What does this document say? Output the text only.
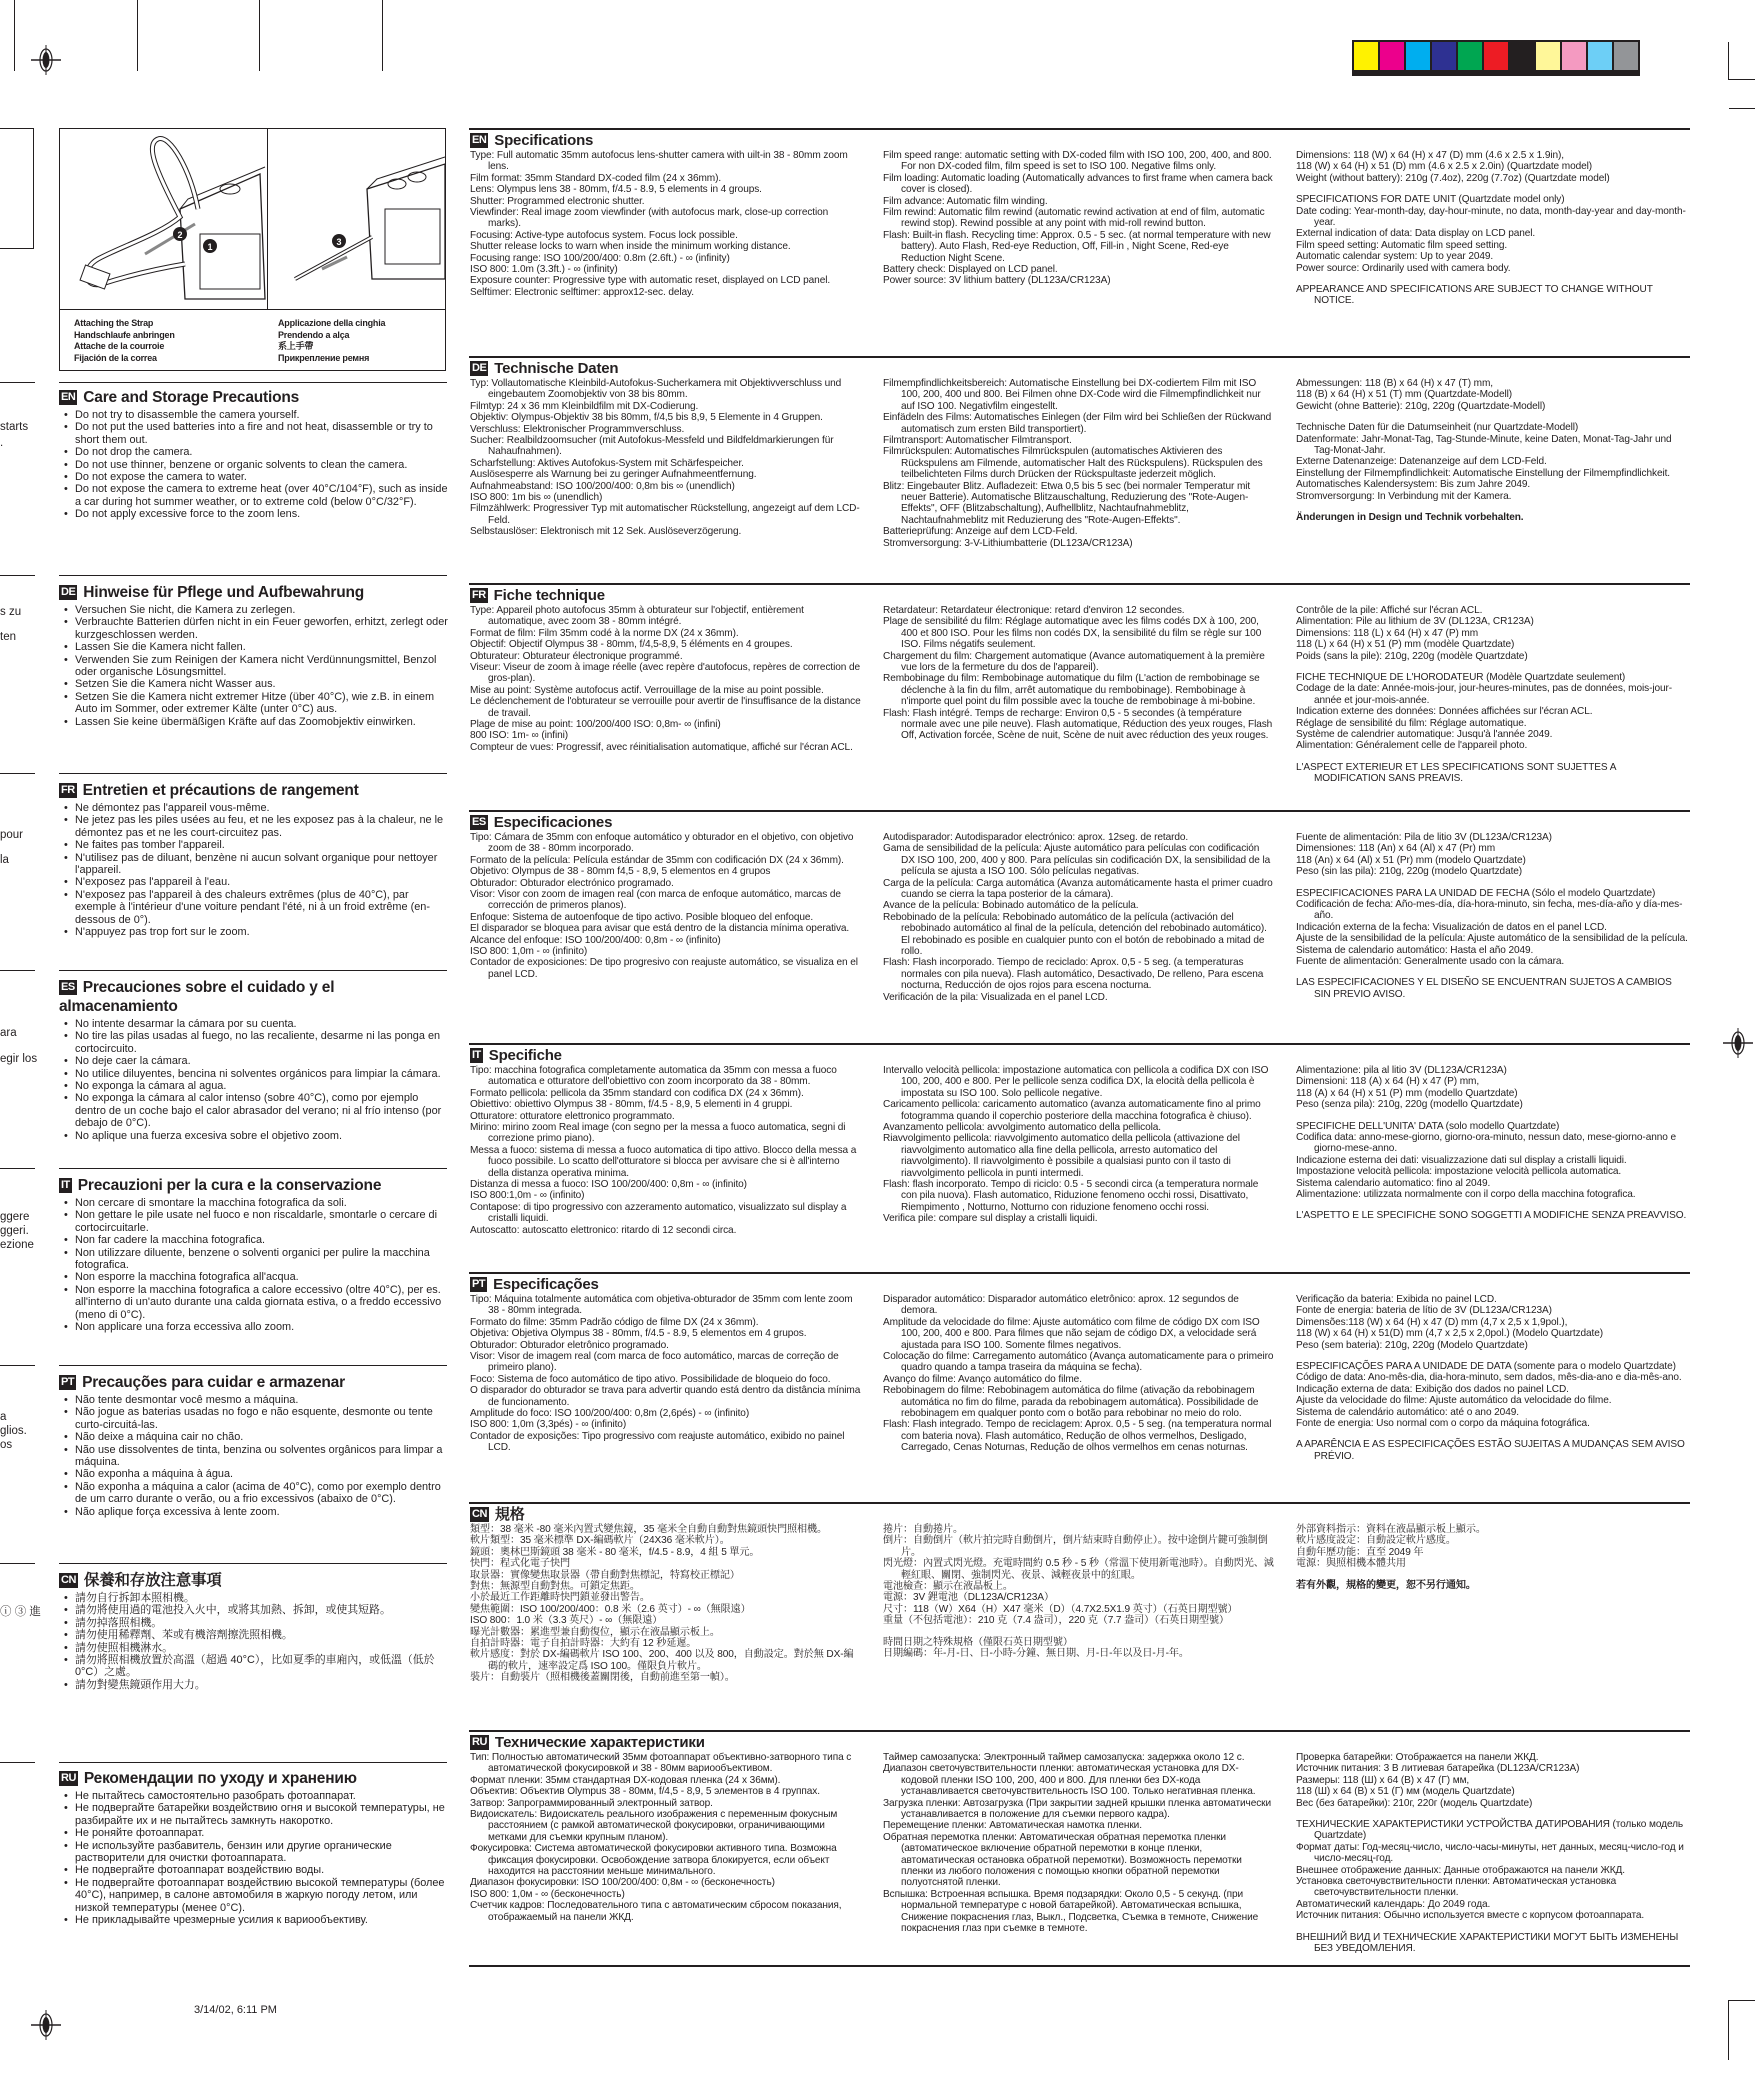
starts
.
s zu
ten
pour
la
ara
egir los
ggere
ggeri.
ezione
a
glios.
os
ⓘ ③ 進
2
1	3
Attaching the Strap
Handschlaufe anbringen
Attache de la courroie
Fijación de la correa
Applicazione della cinghia
Prendendo a alça
系上手帶
Прикрепление ремня
EN Care and Storage Precautions
• Do not try to disassemble the camera yourself.
• Do not put the used batteries into a fire and not heat, disassemble or try to short them out.
• Do not drop the camera.
• Do not use thinner, benzene or organic solvents to clean the camera.
• Do not expose the camera to water.
• Do not expose the camera to extreme heat (over 40°C/104°F), such as inside a car during hot summer weather, or to extreme cold (below 0°C/32°F).
• Do not apply excessive force to the zoom lens.
DE Hinweise für Pflege und Aufbewahrung
• Versuchen Sie nicht, die Kamera zu zerlegen.
• Verbrauchte Batterien dürfen nicht in ein Feuer geworfen, erhitzt, zerlegt oder kurzgeschlossen werden.
• Lassen Sie die Kamera nicht fallen.
• Verwenden Sie zum Reinigen der Kamera nicht Verdünnungsmittel, Benzol oder organische Lösungsmittel.
• Setzen Sie die Kamera nicht Wasser aus.
• Setzen Sie die Kamera nicht extremer Hitze (über 40°C), wie z.B. in einem Auto im Sommer, oder extremer Kälte (unter 0°C) aus.
• Lassen Sie keine übermäßigen Kräfte auf das Zoomobjektiv einwirken.
FR Entretien et précautions de rangement
• Ne démontez pas l'appareil vous-même.
• Ne jetez pas les piles usées au feu, et ne les exposez pas à la chaleur, ne le démontez pas et ne les court-circuitez pas.
• Ne faites pas tomber l'appareil.
• N'utilisez pas de diluant, benzène ni aucun solvant organique pour nettoyer l'appareil.
• N'exposez pas l'appareil à l'eau.
• N'exposez pas l'appareil à des chaleurs extrêmes (plus de 40°C), par exemple à l'intérieur d'une voiture pendant l'été, ni à un froid extrême (en-dessous de 0°).
• N'appuyez pas trop fort sur le zoom.
ES Precauciones sobre el cuidado y el almacenamiento
• No intente desarmar la cámara por su cuenta.
• No tire las pilas usadas al fuego, no las recaliente, desarme ni las ponga en cortocircuito.
• No deje caer la cámara.
• No utilice diluyentes, bencina ni solventes orgánicos para limpiar la cámara.
• No exponga la cámara al agua.
• No exponga la cámara al calor intenso (sobre 40°C), como por ejemplo dentro de un coche bajo el calor abrasador del verano; ni al frío intenso (por debajo de 0°C).
• No aplique una fuerza excesiva sobre el objetivo zoom.
IT Precauzioni per la cura e la conservazione
• Non cercare di smontare la macchina fotografica da soli.
• Non gettare le pile usate nel fuoco e non riscaldarle, smontarle o cercare di cortocircuitarle.
• Non far cadere la macchina fotografica.
• Non utilizzare diluente, benzene o solventi organici per pulire la macchina fotografica.
• Non esporre la macchina fotografica all'acqua.
• Non esporre la macchina fotografica a calore eccessivo (oltre 40°C), per es. all'interno di un'auto durante una calda giornata estiva, o a freddo eccessivo (meno di 0°C).
• Non applicare una forza eccessiva allo zoom.
PT Precauções para cuidar e armazenar
• Não tente desmontar você mesmo a máquina.
• Não jogue as baterias usadas no fogo e não esquente, desmonte ou tente curto-circuitá-las.
• Não deixe a máquina cair no chão.
• Não use dissolventes de tinta, benzina ou solventes orgânicos para limpar a máquina.
• Não exponha a máquina à água.
• Não exponha a máquina a calor (acima de 40°C), como por exemplo dentro de um carro durante o verão, ou a frio excessivos (abaixo de 0°C).
• Não aplique força excessiva à lente zoom.
CN 保養和存放注意事項
• 請勿自行拆卸本照相機。
• 請勿將使用過的電池投入火中，或將其加熱、拆卸，或使其短路。
• 請勿掉落照相機。
• 請勿使用稀釋劑、苯或有機溶劑擦洗照相機。
• 請勿使照相機淋水。
• 請勿將照相機放置於高溫（超過 40°C），比如夏季的車廂內，或低溫（低於 0°C）之處。
• 請勿對變焦鏡頭作用大力。
RU Рекомендации по уходу и хранению
• Не пытайтесь самостоятельно разобрать фотоаппарат.
• Не подвергайте батарейки воздействию огня и высокой температуры, не разбирайте их и не пытайтесь замкнуть накоротко.
• Не роняйте фотоаппарат.
• Не используйте разбавитель, бензин или другие органические растворители для очистки фотоаппарата.
• Не подвергайте фотоаппарат воздействию воды.
• Не подвергайте фотоаппарат воздействию высокой температуры (более 40°C), например, в салоне автомобиля в жаркую погоду летом, или низкой температуры (менее 0°C).
• Не прикладывайте чрезмерные усилия к вариообъективу.
EN Specifications

Type: Full automatic 35mm autofocus lens-shutter camera with uilt-in 38 - 80mm zoom lens.

Film format: 35mm Standard DX-coded film (24 x 36mm).

Lens: Olympus lens 38 - 80mm, f/4.5 - 8.9, 5 elements in 4 groups.

Shutter: Programmed electronic shutter.

Viewfinder: Real image zoom viewfinder (with autofocus mark, close-up correction marks).

Focusing: Active-type autofocus system. Focus lock possible.

Shutter release locks to warn when inside the minimum working distance.

Focusing range: ISO 100/200/400: 0.8m (2.6ft.) - ∞ (infinity)

ISO 800: 1.0m (3.3ft.) - ∞ (infinity)

Exposure counter: Progressive type with automatic reset, displayed on LCD panel.

Selftimer: Electronic selftimer: approx12-sec. delay.

Film speed range: automatic setting with DX-coded film with ISO 100, 200, 400, and 800. For non DX-coded film, film speed is set to ISO 100. Negative films only.

Film loading: Automatic loading (Automatically advances to first frame when camera back cover is closed).

Film advance: Automatic film winding.

Film rewind: Automatic film rewind (automatic rewind activation at end of film, automatic rewind stop). Rewind possible at any point with mid-roll rewind button.

Flash: Built-in flash. Recycling time: Approx. 0.5 - 5 sec. (at normal temperature with new battery). Auto Flash, Red-eye Reduction, Off, Fill-in , Night Scene, Red-eye Reduction Night Scene.

Battery check: Displayed on LCD panel.

Power source: 3V lithium battery (DL123A/CR123A)

Dimensions: 118 (W) x 64 (H) x 47 (D) mm (4.6 x 2.5 x 1.9in),

118 (W) x 64 (H) x 51 (D) mm (4.6 x 2.5 x 2.0in) (Quartzdate model)

Weight (without battery): 210g (7.4oz), 220g (7.7oz) (Quartzdate model)

SPECIFICATIONS FOR DATE UNIT (Quartzdate model only)

Date coding: Year-month-day, day-hour-minute, no data, month-day-year and day-month-year.

External indication of data: Data display on LCD panel.

Film speed setting: Automatic film speed setting.

Automatic calendar system: Up to year 2049.

Power source: Ordinarily used with camera body.

APPEARANCE AND SPECIFICATIONS ARE SUBJECT TO CHANGE WITHOUT NOTICE.

DE Technische Daten

Typ: Vollautomatische Kleinbild-Autofokus-Sucherkamera mit Objektivverschluss und eingebautem Zoomobjektiv von 38 bis 80mm.

Filmtyp: 24 x 36 mm Kleinbildfilm mit DX-Codierung.

Objektiv: Olympus-Objektiv 38 bis 80mm, f/4,5 bis 8,9, 5 Elemente in 4 Gruppen.

Verschluss: Elektronischer Programmverschluss.

Sucher: Realbildzoomsucher (mit Autofokus-Messfeld und Bildfeldmarkierungen für Nahaufnahmen).

Scharfstellung: Aktives Autofokus-System mit Schärfespeicher.

Auslösesperre als Warnung bei zu geringer Aufnahmeentfernung.

Aufnahmeabstand: ISO 100/200/400: 0,8m bis ∞ (unendlich)

ISO 800: 1m bis ∞ (unendlich)

Filmzählwerk: Progressiver Typ mit automatischer Rückstellung, angezeigt auf dem LCD-Feld.

Selbstauslöser: Elektronisch mit 12 Sek. Auslöseverzögerung.

Filmempfindlichkeitsbereich: Automatische Einstellung bei DX-codiertem Film mit ISO 100, 200, 400 und 800. Bei Filmen ohne DX-Code wird die Filmempfindlichkeit nur auf ISO 100. Negativfilm eingestellt.

Einfädeln des Films: Automatisches Einlegen (der Film wird bei Schließen der Rückwand automatisch zum ersten Bild transportiert).

Filmtransport: Automatischer Filmtransport.

Filmrückspulen: Automatisches Filmrückspulen (automatisches Aktivieren des Rückspulens am Filmende, automatischer Halt des Rückspulens). Rückspulen des teilbelichteten Films durch Drücken der Rückspultaste jederzeit möglich.

Blitz: Eingebauter Blitz. Aufladezeit: Etwa 0,5 bis 5 sec (bei normaler Temperatur mit neuer Batterie). Automatische Blitzauschaltung, Reduzierung des "Rote-Augen-Effekts", OFF (Blitzabschaltung), Aufhellblitz, Nachtaufnahmeblitz, Nachtaufnahmeblitz mit Reduzierung des "Rote-Augen-Effekts".

Batterieprüfung: Anzeige auf dem LCD-Feld.

Stromversorgung: 3-V-Lithiumbatterie (DL123A/CR123A)

Abmessungen: 118 (B) x 64 (H) x 47 (T) mm,

118 (B) x 64 (H) x 51 (T) mm (Quartzdate-Modell)

Gewicht (ohne Batterie): 210g, 220g (Quartzdate-Modell)

Technische Daten für die Datumseinheit (nur Quartzdate-Modell)

Datenformate: Jahr-Monat-Tag, Tag-Stunde-Minute, keine Daten, Monat-Tag-Jahr und Tag-Monat-Jahr.

Externe Datenanzeige: Datenanzeige auf dem LCD-Feld.

Einstellung der Filmempfindlichkeit: Automatische Einstellung der Filmempfindlichkeit.

Automatisches Kalendersystem: Bis zum Jahre 2049.

Stromversorgung: In Verbindung mit der Kamera.

Änderungen in Design und Technik vorbehalten.

FR Fiche technique

Type: Appareil photo autofocus 35mm à obturateur sur l'objectif, entièrement automatique, avec zoom 38 - 80mm intégré.

Format de film: Film 35mm codé à la norme DX (24 x 36mm).

Objectif: Objectif Olympus 38 - 80mm, f/4,5-8,9, 5 éléments en 4 groupes.

Obturateur: Obturateur électronique programmé.

Viseur: Viseur de zoom à image réelle (avec repère d'autofocus, repères de correction de gros-plan).

Mise au point: Système autofocus actif. Verrouillage de la mise au point possible.

Le déclenchement de l'obturateur se verrouille pour avertir de l'insuffisance de la distance de travail.

Plage de mise au point: 100/200/400 ISO: 0,8m- ∞ (infini)

800 ISO: 1m- ∞ (infini)

Compteur de vues: Progressif, avec réinitialisation automatique, affiché sur l'écran ACL.

Retardateur: Retardateur électronique: retard d'environ 12 secondes.

Plage de sensibilité du film: Réglage automatique avec les films codés DX à 100, 200, 400 et 800 ISO. Pour les films non codés DX, la sensibilité du film se règle sur 100 ISO. Films négatifs seulement.

Chargement du film: Chargement automatique (Avance automatiquement à la première vue lors de la fermeture du dos de l'appareil).

Rembobinage du film: Rembobinage automatique du film (L'action de rembobinage se déclenche à la fin du film, arrêt automatique du rembobinage). Rembobinage à n'importe quel point du film possible avec la touche de rembobinage à mi-bobine.

Flash: Flash intégré. Temps de recharge: Environ 0,5 - 5 secondes (à température normale avec une pile neuve). Flash automatique, Réduction des yeux rouges, Flash Off, Activation forcée, Scène de nuit, Scène de nuit avec réduction des yeux rouges.

Contrôle de la pile: Affiché sur l'écran ACL.

Alimentation: Pile au lithium de 3V (DL123A, CR123A)

Dimensions: 118 (L) x 64 (H) x 47 (P) mm

118 (L) x 64 (H) x 51 (P) mm (modèle Quartzdate)

Poids (sans la pile): 210g, 220g (modèle Quartzdate)

FICHE TECHNIQUE DE L'HORODATEUR (Modèle Quartzdate seulement)

Codage de la date: Année-mois-jour, jour-heures-minutes, pas de données, mois-jour-année et jour-mois-année.

Indication externe des données: Données affichées sur l'écran ACL.

Réglage de sensibilité du film: Réglage automatique.

Système de calendrier automatique: Jusqu'à l'année 2049.

Alimentation: Généralement celle de l'appareil photo.

L'ASPECT EXTERIEUR ET LES SPECIFICATIONS SONT SUJETTES A MODIFICATION SANS PREAVIS.

ES Especificaciones

Tipo: Cámara de 35mm con enfoque automático y obturador en el objetivo, con objetivo zoom de 38 - 80mm incorporado.

Formato de la película: Película estándar de 35mm con codificación DX (24 x 36mm).

Objetivo: Olympus de 38 - 80mm f4,5 - 8,9, 5 elementos en 4 grupos

Obturador: Obturador electrónico programado.

Visor: Visor con zoom de imagen real (con marca de enfoque automático, marcas de corrección de primeros planos).

Enfoque: Sistema de autoenfoque de tipo activo. Posible bloqueo del enfoque.

El disparador se bloquea para avisar que está dentro de la distancia mínima operativa.

Alcance del enfoque: ISO 100/200/400: 0,8m - ∞ (infinito)

ISO 800: 1,0m - ∞ (infinito)

Contador de exposiciones: De tipo progresivo con reajuste automático, se visualiza en el panel LCD.

Autodisparador: Autodisparador electrónico: aprox. 12seg. de retardo.

Gama de sensibilidad de la película: Ajuste automático para películas con codificación DX ISO 100, 200, 400 y 800. Para películas sin codificación DX, la sensibilidad de la película se ajusta a ISO 100. Sólo películas negativas.

Carga de la película: Carga automática (Avanza automáticamente hasta el primer cuadro cuando se cierra la tapa posterior de la cámara).

Avance de la película: Bobinado automático de la película.

Rebobinado de la película: Rebobinado automático de la película (activación del rebobinado automático al final de la película, detención del rebobinado automático). El rebobinado es posible en cualquier punto con el botón de rebobinado a mitad de rollo.

Flash: Flash incorporado. Tiempo de reciclado: Aprox. 0,5 - 5 seg. (a temperaturas normales con pila nueva). Flash automático, Desactivado, De relleno, Para escena nocturna, Reducción de ojos rojos para escena nocturna.

Verificación de la pila: Visualizada en el panel LCD.

Fuente de alimentación: Pila de litio 3V (DL123A/CR123A)

Dimensiones: 118 (An) x 64 (Al) x 47 (Pr) mm

118 (An) x 64 (Al) x 51 (Pr) mm (modelo Quartzdate)

Peso (sin las pila): 210g, 220g (modelo Quartzdate)

ESPECIFICACIONES PARA LA UNIDAD DE FECHA (Sólo el modelo Quartzdate)

Codificación de fecha: Año-mes-día, día-hora-minuto, sin fecha, mes-día-año y día-mes-año.

Indicación externa de la fecha: Visualización de datos en el panel LCD.

Ajuste de la sensibilidad de la película: Ajuste automático de la sensibilidad de la película.

Sistema de calendario automático: Hasta el año 2049.

Fuente de alimentación: Generalmente usado con la cámara.

LAS ESPECIFICACIONES Y EL DISEÑO SE ENCUENTRAN SUJETOS A CAMBIOS SIN PREVIO AVISO.

IT Specifiche

Tipo: macchina fotografica completamente automatica da 35mm con messa a fuoco automatica e otturatore dell'obiettivo con zoom incorporato da 38 - 80mm.

Formato pellicola: pellicola da 35mm standard con codifica DX (24 x 36mm).

Obiettivo: obiettivo Olympus 38 - 80mm, f/4.5 - 8,9, 5 elementi in 4 gruppi.

Otturatore: otturatore elettronico programmato.

Mirino: mirino zoom Real image (con segno per la messa a fuoco automatica, segni di correzione primo piano).

Messa a fuoco: sistema di messa a fuoco automatica di tipo attivo. Blocco della messa a fuoco possibile. Lo scatto dell'otturatore si blocca per avvisare che si è all'interno della distanza operativa minima.

Distanza di messa a fuoco: ISO 100/200/400: 0,8m - ∞ (infinito)

ISO 800:1,0m - ∞ (infinito)

Contapose: di tipo progressivo con azzeramento automatico, visualizzato sul display a cristalli liquidi.

Autoscatto: autoscatto elettronico: ritardo di 12 secondi circa.

Intervallo velocità pellicola: impostazione automatica con pellicola a codifica DX con ISO 100, 200, 400 e 800. Per le pellicole senza codifica DX, la elocità della pellicola è impostata su ISO 100. Solo pellicole negative.

Caricamento pellicola: caricamento automatico (avanza automaticamente fino al primo fotogramma quando il coperchio posteriore della macchina fotografica è chiuso).

Avanzamento pellicola: avvolgimento automatico della pellicola.

Riavvolgimento pellicola: riavvolgimento automatico della pellicola (attivazione del riavvolgimento automatico alla fine della pellicola, arresto automatico del riavvolgimento). Il riavvolgimento è possibile a qualsiasi punto con il tasto di riavvolgimento pellicola in punti intermedi.

Flash: flash incorporato. Tempo di riciclo: 0.5 - 5 secondi circa (a temperatura normale con pila nuova). Flash automatico, Riduzione fenomeno occhi rossi, Disattivato, Riempimento , Notturno, Notturno con riduzione fenomeno occhi rossi.

Verifica pile: compare sul display a cristalli liquidi.

Alimentazione: pila al litio 3V (DL123A/CR123A)

Dimensioni: 118 (A) x 64 (H) x 47 (P) mm,

118 (A) x 64 (H) x 51 (P) mm (modello Quartzdate)

Peso (senza pila): 210g, 220g (modello Quartzdate)

SPECIFICHE DELL'UNITA' DATA (solo modello Quartzdate)

Codifica data: anno-mese-giorno, giorno-ora-minuto, nessun dato, mese-giorno-anno e giorno-mese-anno.

Indicazione esterna dei dati: visualizzazione dati sul display a cristalli liquidi.

Impostazione velocità pellicola: impostazione velocità pellicola automatica.

Sistema calendario automatico: fino al 2049.

Alimentazione: utilizzata normalmente con il corpo della macchina fotografica.

L'ASPETTO E LE SPECIFICHE SONO SOGGETTI A MODIFICHE SENZA PREAVVISO.

PT Especificações

Tipo: Máquina totalmente automática com objetiva-obturador de 35mm com lente zoom 38 - 80mm integrada.

Formato do filme: 35mm Padrão código de filme DX (24 x 36mm).

Objetiva: Objetiva Olympus 38 - 80mm, f/4.5 - 8.9, 5 elementos em 4 grupos.

Obturador: Obturador eletrônico programado.

Visor: Visor de imagem real (com marca de foco automático, marcas de correção de primeiro plano).

Foco: Sistema de foco automático de tipo ativo. Possibilidade de bloqueio do foco.

O disparador do obturador se trava para advertir quando está dentro da distância mínima de funcionamento.

Amplitude do foco: ISO 100/200/400: 0,8m (2,6pés) - ∞ (infinito)

ISO 800: 1,0m (3,3pés) - ∞ (infinito)

Contador de exposições: Tipo progressivo com reajuste automático, exibido no painel LCD.

Disparador automático: Disparador automático eletrônico: aprox. 12 segundos de demora.

Amplitude da velocidade do filme: Ajuste automático com filme de código DX com ISO 100, 200, 400 e 800. Para filmes que não sejam de código DX, a velocidade será ajustada para ISO 100. Somente filmes negativos.

Colocação do filme: Carregamento automático (Avança automaticamente para o primeiro quadro quando a tampa traseira da máquina se fecha).

Avanço do filme: Avanço automático do filme.

Rebobinagem do filme: Rebobinagem automática do filme (ativação da rebobinagem automática no fim do filme, parada da rebobinagem automática). Possibilidade de rebobinagem em qualquer ponto com o botão para rebobinar no meio do rolo.

Flash: Flash integrado. Tempo de reciclagem: Aprox. 0,5 - 5 seg. (na temperatura normal com bateria nova). Flash automático, Redução de olhos vermelhos, Desligado, Carregado, Cenas Noturnas, Redução de olhos vermelhos em cenas noturnas.

Verificação da bateria: Exibida no painel LCD.

Fonte de energia: bateria de lítio de 3V (DL123A/CR123A)

Dimensões:118 (W) x 64 (H) x 47 (D) mm (4,7 x 2,5 x 1,9pol.),

118 (W) x 64 (H) x 51(D) mm (4,7 x 2,5 x 2,0pol.) (Modelo Quartzdate)

Peso (sem bateria): 210g, 220g (Modelo Quartzdate)

ESPECIFICAÇÕES PARA A UNIDADE DE DATA (somente para o modelo Quartzdate)

Código de data: Ano-mês-dia, dia-hora-minuto, sem dados, mês-dia-ano e dia-mês-ano.

Indicação externa de data: Exibição dos dados no painel LCD.

Ajuste da velocidade do filme: Ajuste automático da velocidade do filme.

Sistema de calendário automático: até o ano 2049.

Fonte de energia: Uso normal com o corpo da máquina fotográfica.

A APARÊNCIA E AS ESPECIFICAÇÕES ESTÃO SUJEITAS A MUDANÇAS SEM AVISO PRÉVIO.

CN 規格

類型：38 毫米 -80 毫米內置式變焦鏡，35 毫米全自動自動對焦鏡頭快門照相機。

軟片類型：35 毫米標準 DX-編碼軟片（24X36 毫米軟片）。

鏡頭：奧林巴斯鏡頭 38 毫米 - 80 毫米，f/4.5 - 8.9，4 組 5 單元。

快門：程式化電子快門

取景器：實像變焦取景器（帶自動對焦標記，特寫校正標記）

對焦：無源型自動對焦。可鎖定焦距。

小於最近工作距離時快門鎖並發出警告。

變焦範圍：ISO 100/200/400：0.8 米（2.6 英寸）- ∞（無限遠）

ISO 800：1.0 米（3.3 英尺）- ∞（無限遠）

曝光計數器：累進型兼自動復位，顯示在液晶顯示板上。

自拍計時器：電子自拍計時器：大約有 12 秒延遲。

軟片感度：對於 DX-編碼軟片 ISO 100、200、400 以及 800，自動設定。對於無 DX-編碼的軟片，速率設定爲 ISO 100。僅限負片軟片。

裝片：自動裝片（照相機後蓋關閉後，自動前進至第一幀）。

捲片：自動捲片。

倒片：自動倒片（軟片拍完時自動倒片，倒片結束時自動停止）。按中途倒片鍵可強制倒片。

閃光燈：內置式閃光燈。充電時間約 0.5 秒 - 5 秒（常溫下使用新電池時）。自動閃光、減輕紅眼、關閉、強制閃光、夜景、減輕夜景中的紅眼。

電池檢查：顯示在液晶板上。

電源：3V 鋰電池（DL123A/CR123A）

尺寸：118（W）X64（H）X47 毫米（D）（4.7X2.5X1.9 英寸）（石英日期型號）

重量（不包括電池）：210 克（7.4 盎司），220 克（7.7 盎司）（石英日期型號）

時間日期之特殊規格（僅限石英日期型號）

日期編碼：年-月-日、日-小時-分鐘、無日期、月-日-年以及日-月-年。

外部資料指示：資料在液晶顯示板上顯示。

軟片感度設定：自動設定軟片感度。

自動年歷功能：直至 2049 年

電源：與照相機本體共用

若有外觀，規格的變更，恕不另行通知。

RU Технические характеристики

Тип: Полностью автоматический 35мм фотоаппарат объективно-затворного типа с автоматической фокусировкой и 38 - 80мм вариообъективом.

Формат пленки: 35мм стандартная DX-кодовая пленка (24 x 36мм).

Объектив: Объектив Olympus 38 - 80мм, f/4,5 - 8,9, 5 элементов в 4 группах.

Затвор: Запрограммированный электронный затвор.

Видоискатель: Видоискатель реального изображения с переменным фокусным расстоянием (с рамкой автоматической фокусировки, ограничивающими метками для съемки крупным планом).

Фокусировка: Система автоматической фокусировки активного типа. Возможна фиксация фокусировки. Освобождение затвора блокируется, если объект находится на расстоянии меньше минимального.

Диапазон фокусировки: ISO 100/200/400: 0,8м - ∞ (бесконечность)

ISO 800: 1,0м - ∞ (бесконечность)

Счетчик кадров: Последовательного типа с автоматическим сбросом показания, отображаемый на панели ЖКД.

Таймер самозапуска: Электронный таймер самозапуска: задержка около 12 с.

Диапазон светочувствительности пленки: автоматическая установка для DX-кодовой пленки ISO 100, 200, 400 и 800. Для пленки без DX-кода устанавливается светочувствительность ISO 100. Только негативная пленка.

Загрузка пленки: Автозагрузка (При закрытии задней крышки пленка автоматически устанавливается в положение для съемки первого кадра).

Перемещение пленки: Автоматическая намотка пленки.

Обратная перемотка пленки: Автоматическая обратная перемотка пленки (автоматическое включение обратной перемотки в конце пленки, автоматическая остановка обратной перемотки). Возможность перемотки пленки из любого положения с помощью кнопки обратной перемотки полуотснятой пленки.

Вспышка: Встроенная вспышка. Время подзарядки: Около 0,5 - 5 секунд. (при нормальной температуре с новой батарейкой). Автоматическая вспышка, Снижение покраснения глаз, Выкл., Подсветка, Съемка в темноте, Снижение покраснения глаз при съемке в темноте.

Проверка батарейки: Отображается на панели ЖКД.

Источник питания: 3 В литиевая батарейка (DL123A/CR123A)

Размеры: 118 (Ш) x 64 (В) x 47 (Г) мм,

118 (Ш) x 64 (В) x 51 (Г) мм (модель Quartzdate)

Вес (без батарейки): 210г, 220г (модель Quartzdate)

ТЕХНИЧЕСКИЕ ХАРАКТЕРИСТИКИ УСТРОЙСТВА ДАТИРОВАНИЯ (только модель Quartzdate)

Формат даты: Год-месяц-число, число-часы-минуты, нет данных, месяц-число-год и число-месяц-год.

Внешнее отображение данных: Данные отображаются на панели ЖКД.

Установка светочувствительности пленки: Автоматическая установка светочувствительности пленки.

Автоматический календарь: До 2049 года.

Источник питания: Обычно используется вместе с корпусом фотоаппарата.

ВНЕШНИЙ ВИД И ТЕХНИЧЕСКИЕ ХАРАКТЕРИСТИКИ МОГУТ БЫТЬ ИЗМЕНЕНЫ БЕЗ УВЕДОМЛЕНИЯ.

3/14/02, 6:11 PM
